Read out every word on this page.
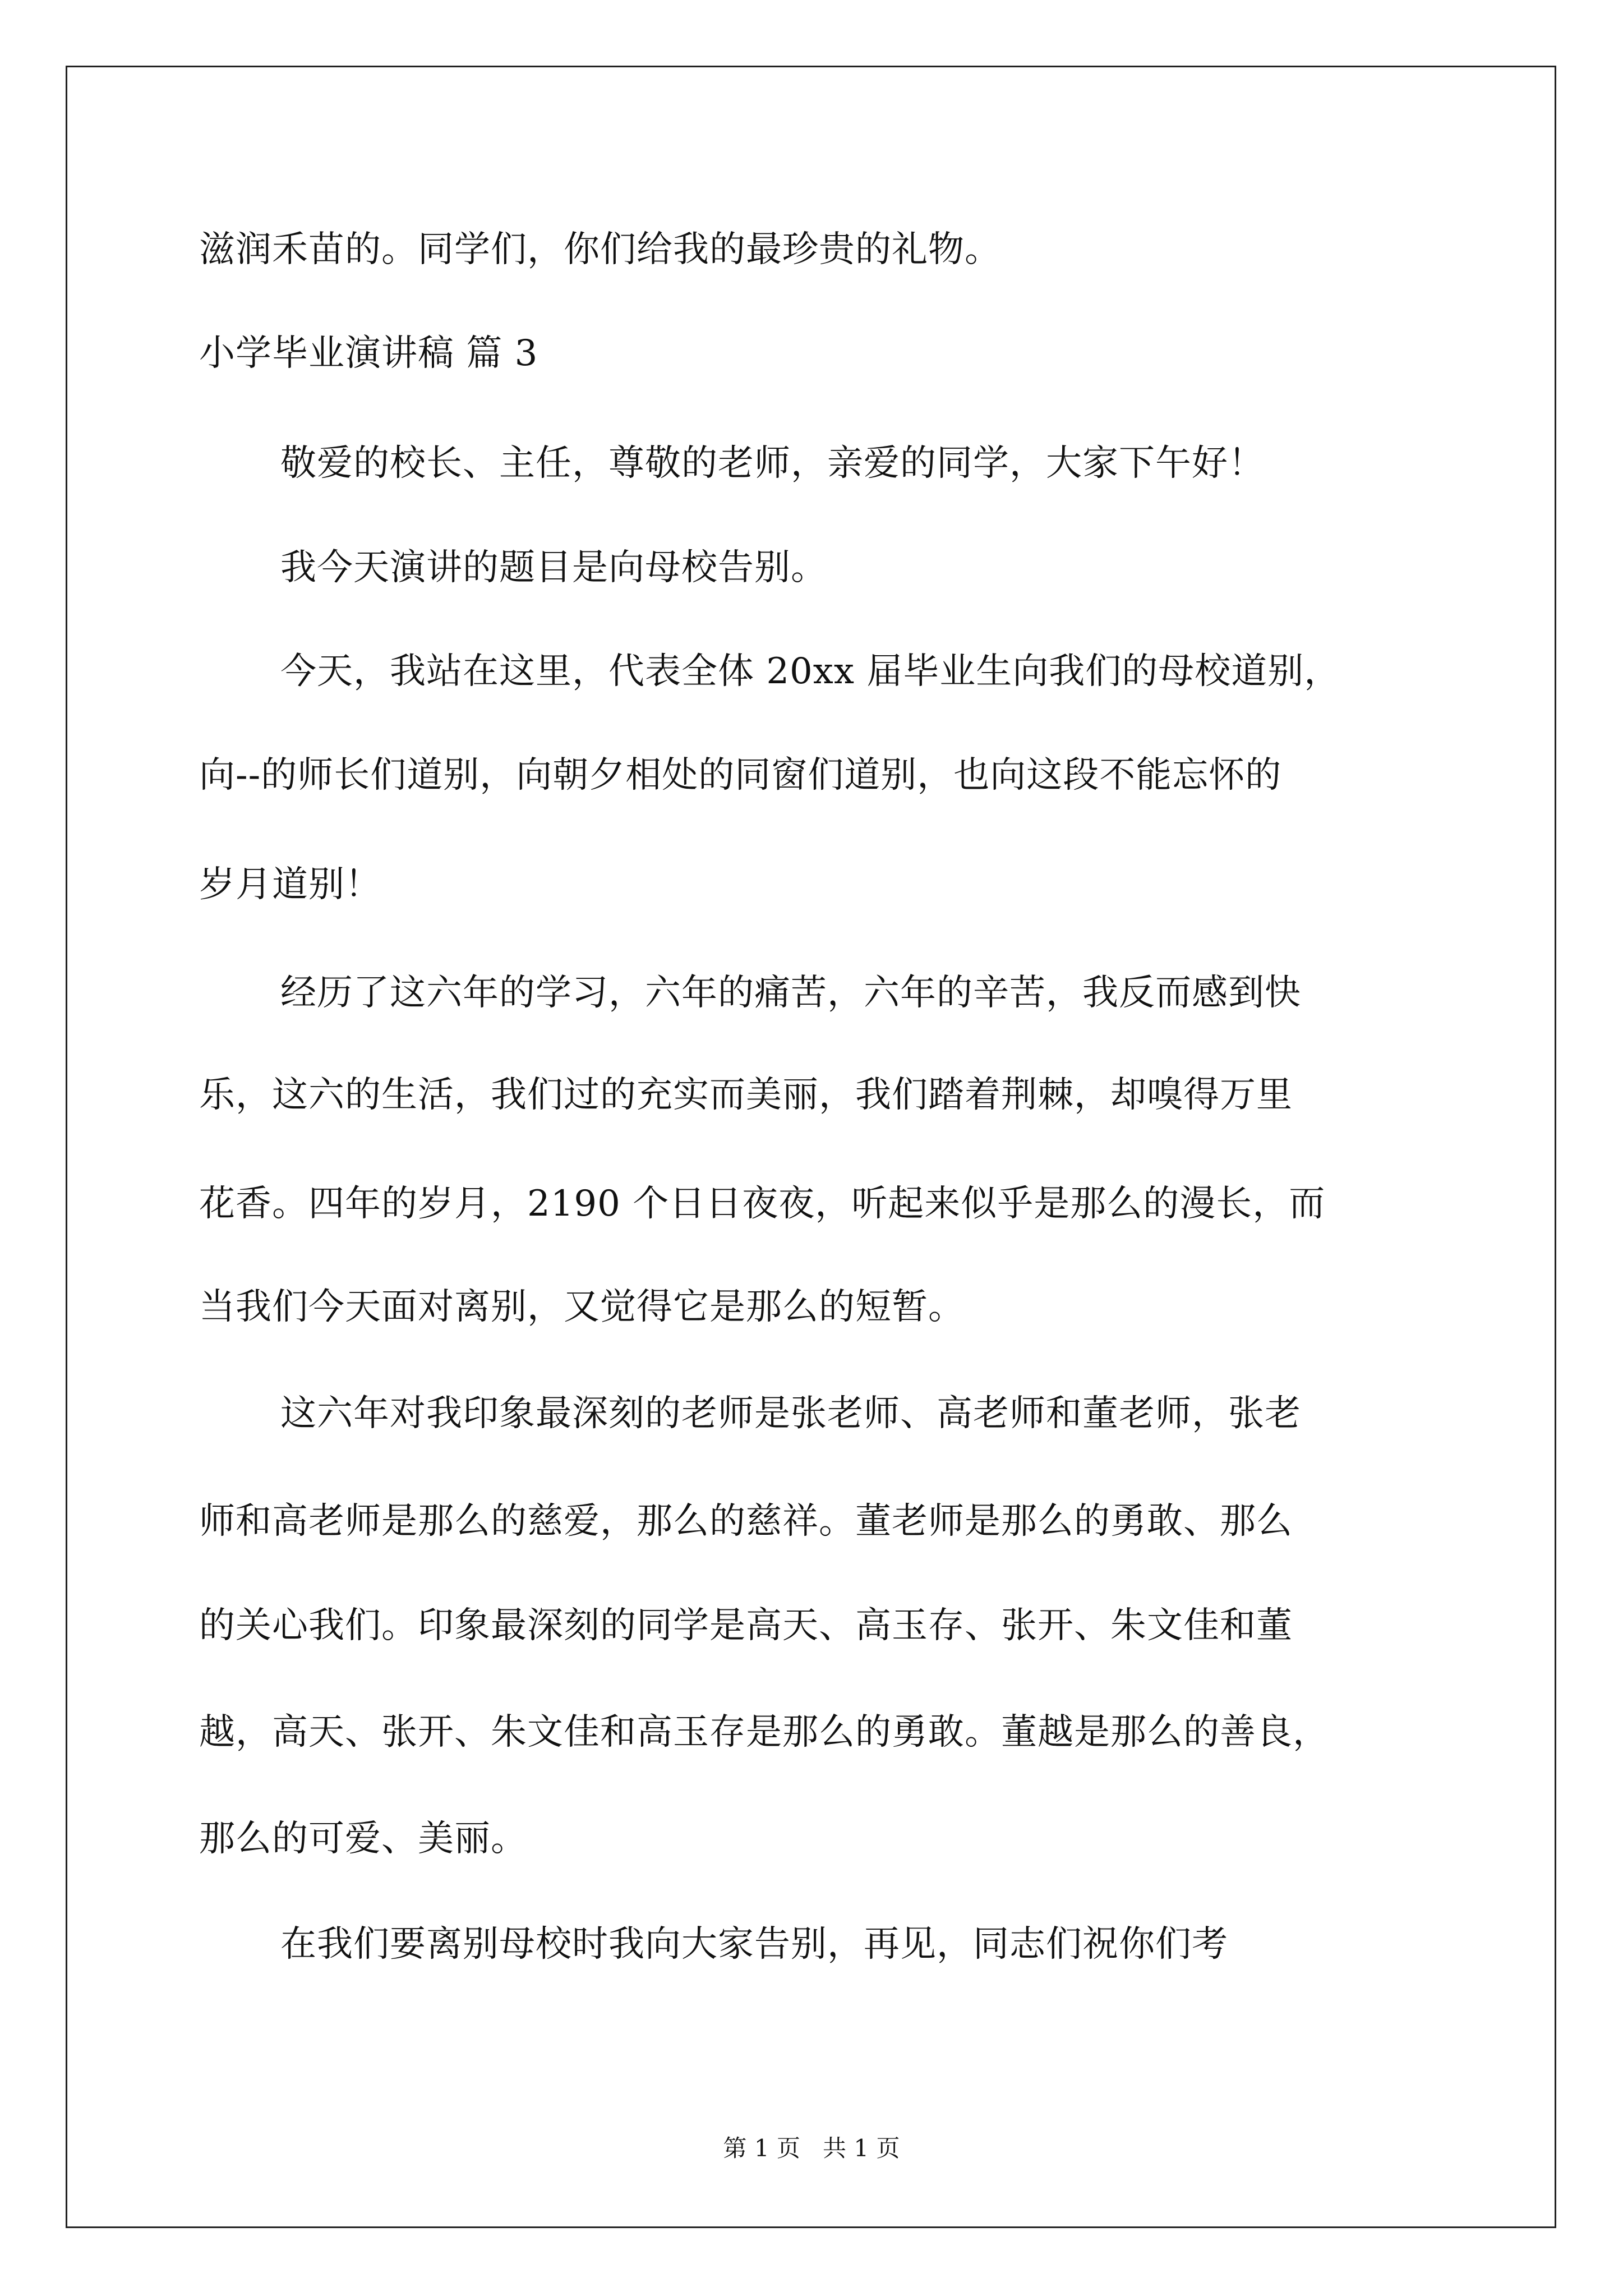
滋润禾苗的。同学们，你们给我的最珍贵的礼物。
小学毕业演讲稿 篇 3
敬爱的校长、主任，尊敬的老师，亲爱的同学，大家下午好！
我今天演讲的题目是向母校告别。
今天，我站在这里，代表全体 20xx 届毕业生向我们的母校道别，
向--的师长们道别，向朝夕相处的同窗们道别，也向这段不能忘怀的
岁月道别！
经历了这六年的学习，六年的痛苦，六年的辛苦，我反而感到快
乐，这六的生活，我们过的充实而美丽，我们踏着荆棘，却嗅得万里
花香。四年的岁月，2190 个日日夜夜，听起来似乎是那么的漫长，而
当我们今天面对离别，又觉得它是那么的短暂。
这六年对我印象最深刻的老师是张老师、高老师和董老师，张老
师和高老师是那么的慈爱，那么的慈祥。董老师是那么的勇敢、那么
的关心我们。印象最深刻的同学是高天、高玉存、张开、朱文佳和董
越，高天、张开、朱文佳和高玉存是那么的勇敢。董越是那么的善良，
那么的可爱、美丽。
在我们要离别母校时我向大家告别，再见，同志们祝你们考
第 1 页   共 1 页
